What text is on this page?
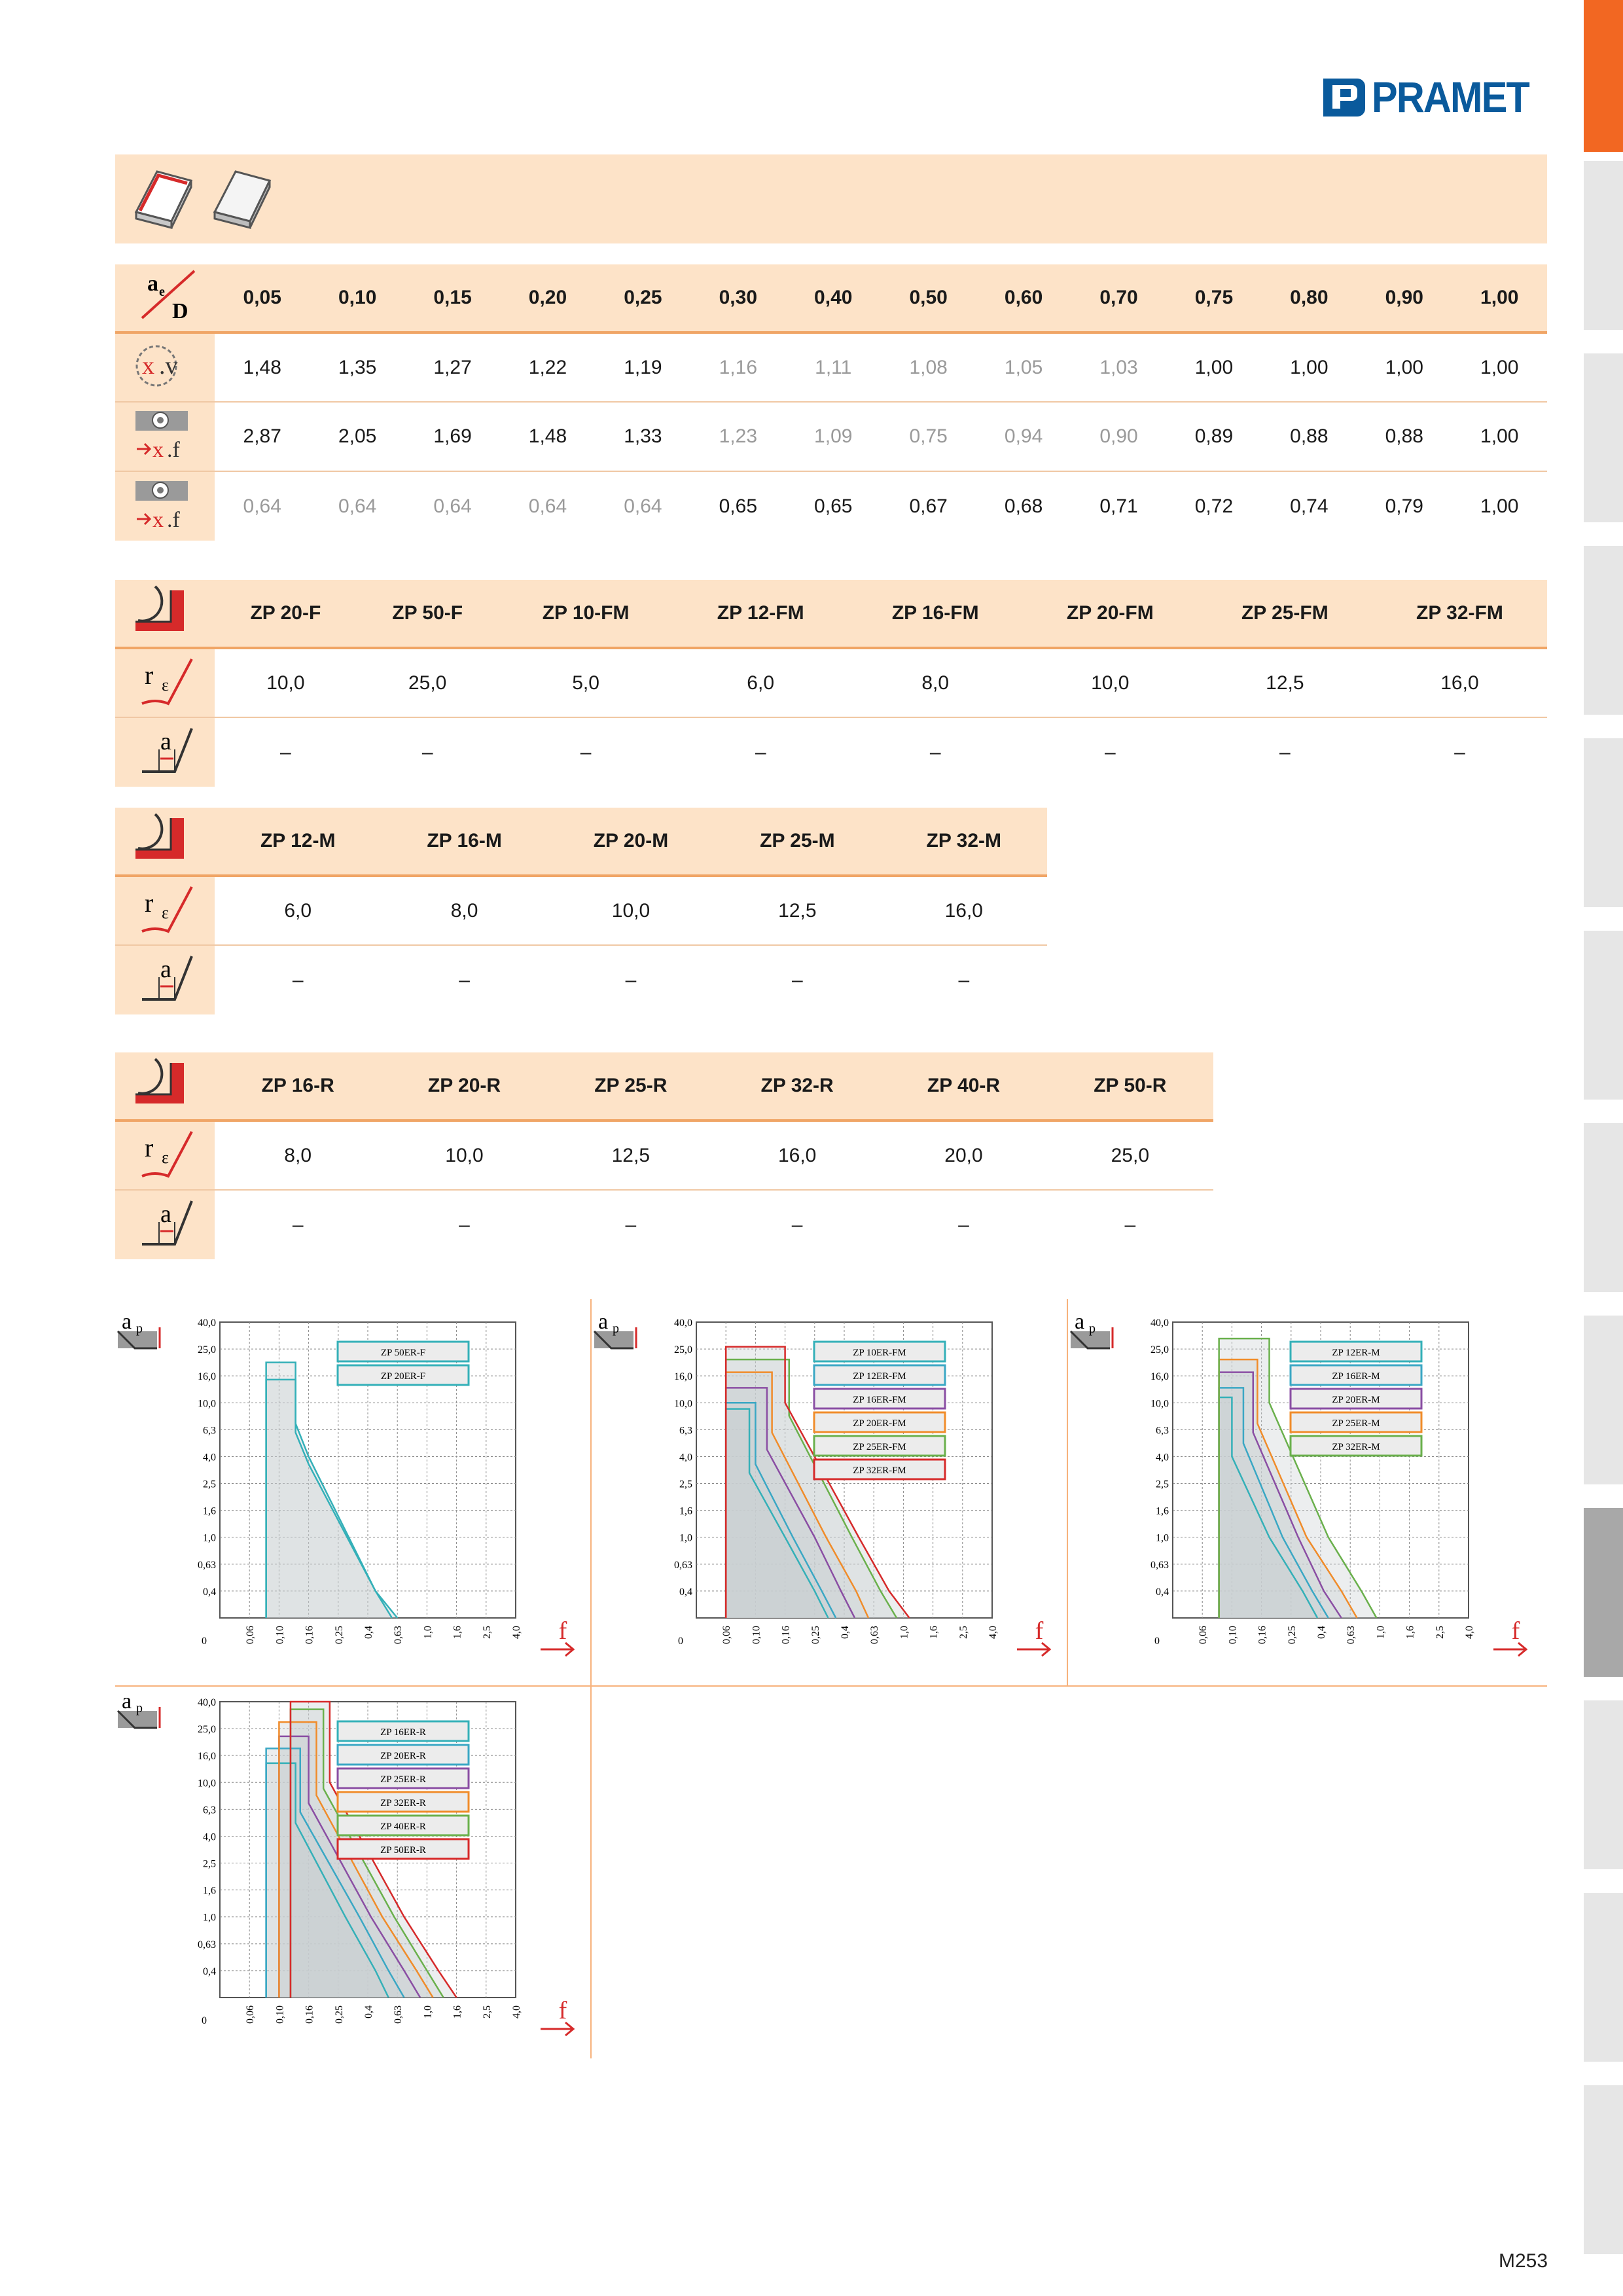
PRAMET
a e
D	0,05	0,10	0,15	0,20	0,25	0,30	0,40	0,50	0,60	0,70	0,75	0,80	0,90	1,00

x .v	1,48	1,35	1,27	1,22	1,19	1,16	1,11	1,08	1,05	1,03	1,00	1,00	1,00	1,00

x .f	2,87	2,05	1,69	1,48	1,33	1,23	1,09	0,75	0,94	0,90	0,89	0,88	0,88	1,00

x .f	0,64	0,64	0,64	0,64	0,64	0,65	0,65	0,67	0,68	0,71	0,72	0,74	0,79	1,00
	ZP 20-F	ZP 50-F	ZP 10-FM	ZP 12-FM	ZP 16-FM	ZP 20-FM	ZP 25-FM	ZP 32-FM

r ε	10,0	25,0	5,0	6,0	8,0	10,0	12,5	16,0

a	–	–	–	–	–	–	–	–
	ZP 12-M	ZP 16-M	ZP 20-M	ZP 25-M	ZP 32-M

r ε	6,0	8,0	10,0	12,5	16,0

a	–	–	–	–	–
	ZP 16-R	ZP 20-R	ZP 25-R	ZP 32-R	ZP 40-R	ZP 50-R

r ε	8,0	10,0	12,5	16,0	20,0	25,0

a	–	–	–	–	–	–
a p
0,4
0,63
1,0
1,6
2,5
4,0
6,3
10,0
16,0
25,0
40,0
0	0,06 0,10 0,16 0,25 0,4 0,63 1,0 1,6 2,5 4,0
ZP 50ER-F
ZP 20ER-F
f
a p
0,4
0,63
1,0
1,6
2,5
4,0
6,3
10,0
16,0
25,0
40,0
0	0,06 0,10 0,16 0,25 0,4 0,63 1,0 1,6 2,5 4,0
ZP 10ER-FM
ZP 12ER-FM
ZP 16ER-FM
ZP 20ER-FM
ZP 25ER-FM
ZP 32ER-FM
f
a p
0,4
0,63
1,0
1,6
2,5
4,0
6,3
10,0
16,0
25,0
40,0
0	0,06 0,10 0,16 0,25 0,4 0,63 1,0 1,6 2,5 4,0
ZP 12ER-M
ZP 16ER-M
ZP 20ER-M
ZP 25ER-M
ZP 32ER-M
f
a p
0,4
0,63
1,0
1,6
2,5
4,0
6,3
10,0
16,0
25,0
40,0
0	0,06 0,10 0,16 0,25 0,4 0,63 1,0 1,6 2,5 4,0
ZP 16ER-R
ZP 20ER-R
ZP 25ER-R
ZP 32ER-R
ZP 40ER-R
ZP 50ER-R
f
M253
